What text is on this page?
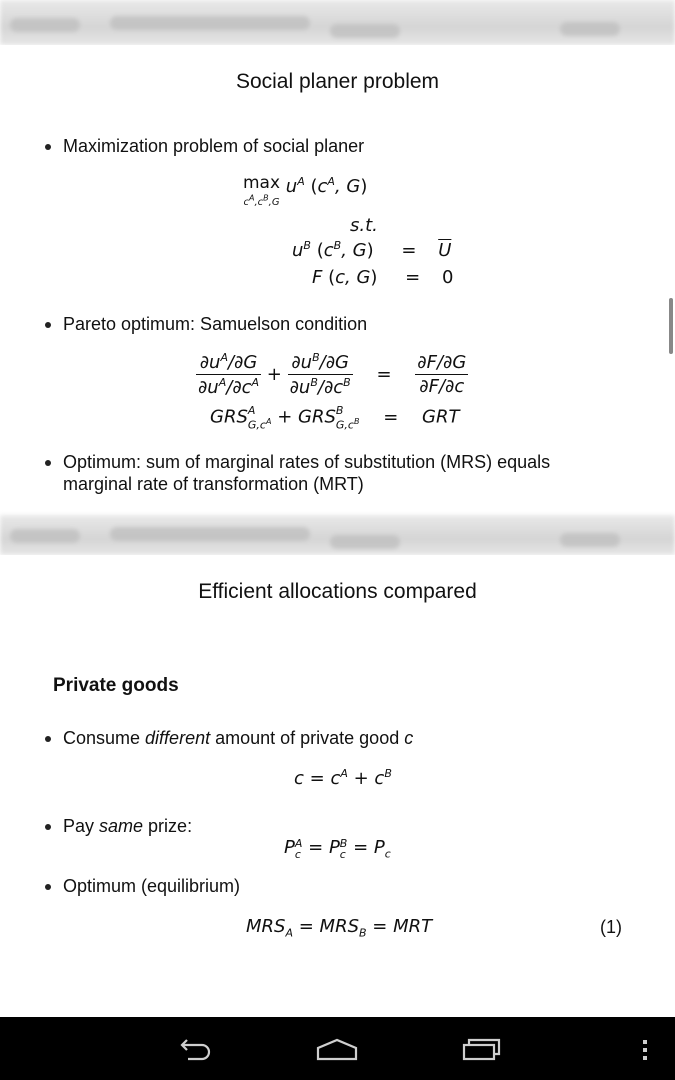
Social planer problem
Maximization problem of social planer
max
$c^A,c^B,G$ $u^A$ ($c^A$, G)
s.t.
$u^B$ ($c^B$, $G) = \overline{U}$
F (c, G) = 0
Pareto optimum: Samuelson condition
$\frac{\partial u^A/\partial G}{\partial u^A/\partial c^A} + \frac{\partial u^B/\partial G}{\partial u^B/\partial c^B} = \frac{\partial F/\partial G}{\partial F/\partial c}$
GRSA
$G,c^A$ + GRSB
$G,c^B$ = GRT
Optimum: sum of marginal rates of substitution (MRS) equals
marginal rate of transformation (MRT)
Efficient allocations compared
Private goods
Consume different amount of private good c
$c = c^A + c^B$
Pay same prize:
PA
c = PB
$c = P_c$
Optimum (equilibrium)
$MRS_A = MRS_B$ = MRT	(1)
